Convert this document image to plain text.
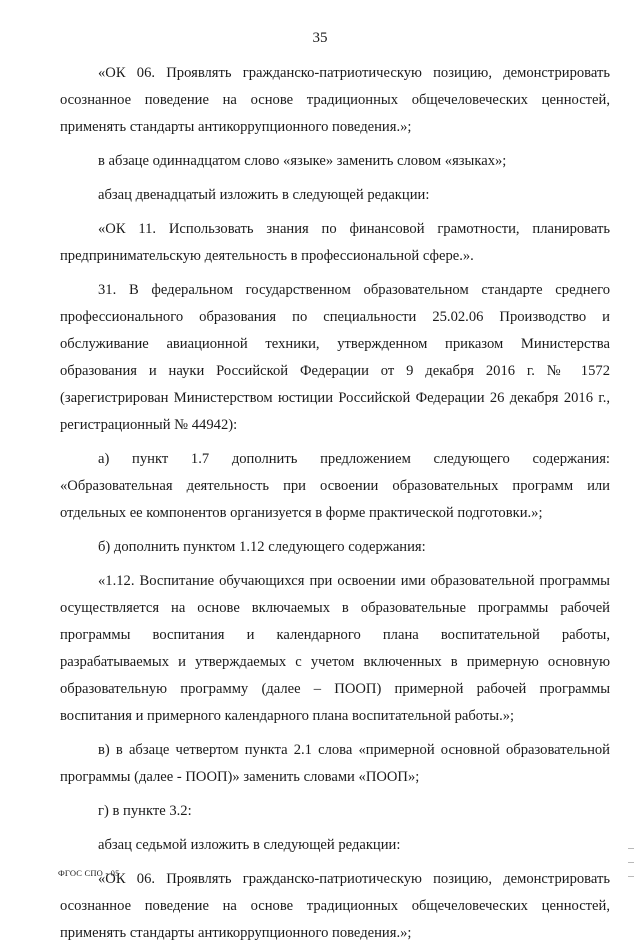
35

«ОК 06. Проявлять гражданско-патриотическую позицию, демонстрировать осознанное поведение на основе традиционных общечеловеческих ценностей, применять стандарты антикоррупционного поведения.»;

в абзаце одиннадцатом слово «языке» заменить словом «языках»;

абзац двенадцатый изложить в следующей редакции:

«ОК 11. Использовать знания по финансовой грамотности, планировать предпринимательскую деятельность в профессиональной сфере.».

31. В федеральном государственном образовательном стандарте среднего профессионального образования по специальности 25.02.06 Производство и обслуживание авиационной техники, утвержденном приказом Министерства образования и науки Российской Федерации от 9 декабря 2016 г. № 1572 (зарегистрирован Министерством юстиции Российской Федерации 26 декабря 2016 г., регистрационный № 44942):

а) пункт 1.7 дополнить предложением следующего содержания: «Образовательная деятельность при освоении образовательных программ или отдельных ее компонентов организуется в форме практической подготовки.»;

б) дополнить пунктом 1.12 следующего содержания:

«1.12. Воспитание обучающихся при освоении ими образовательной программы осуществляется на основе включаемых в образовательные программы рабочей программы воспитания и календарного плана воспитательной работы, разрабатываемых и утверждаемых с учетом включенных в примерную основную образовательную программу (далее – ПООП) примерной рабочей программы воспитания и примерного календарного плана воспитательной работы.»;

в) в абзаце четвертом пункта 2.1 слова «примерной основной образовательной программы (далее - ПООП)» заменить словами «ПООП»;

г) в пункте 3.2:

абзац седьмой изложить в следующей редакции:

«ОК 06. Проявлять гражданско-патриотическую позицию, демонстрировать осознанное поведение на основе традиционных общечеловеческих ценностей, применять стандарты антикоррупционного поведения.»;

ФГОС СПО - 05
